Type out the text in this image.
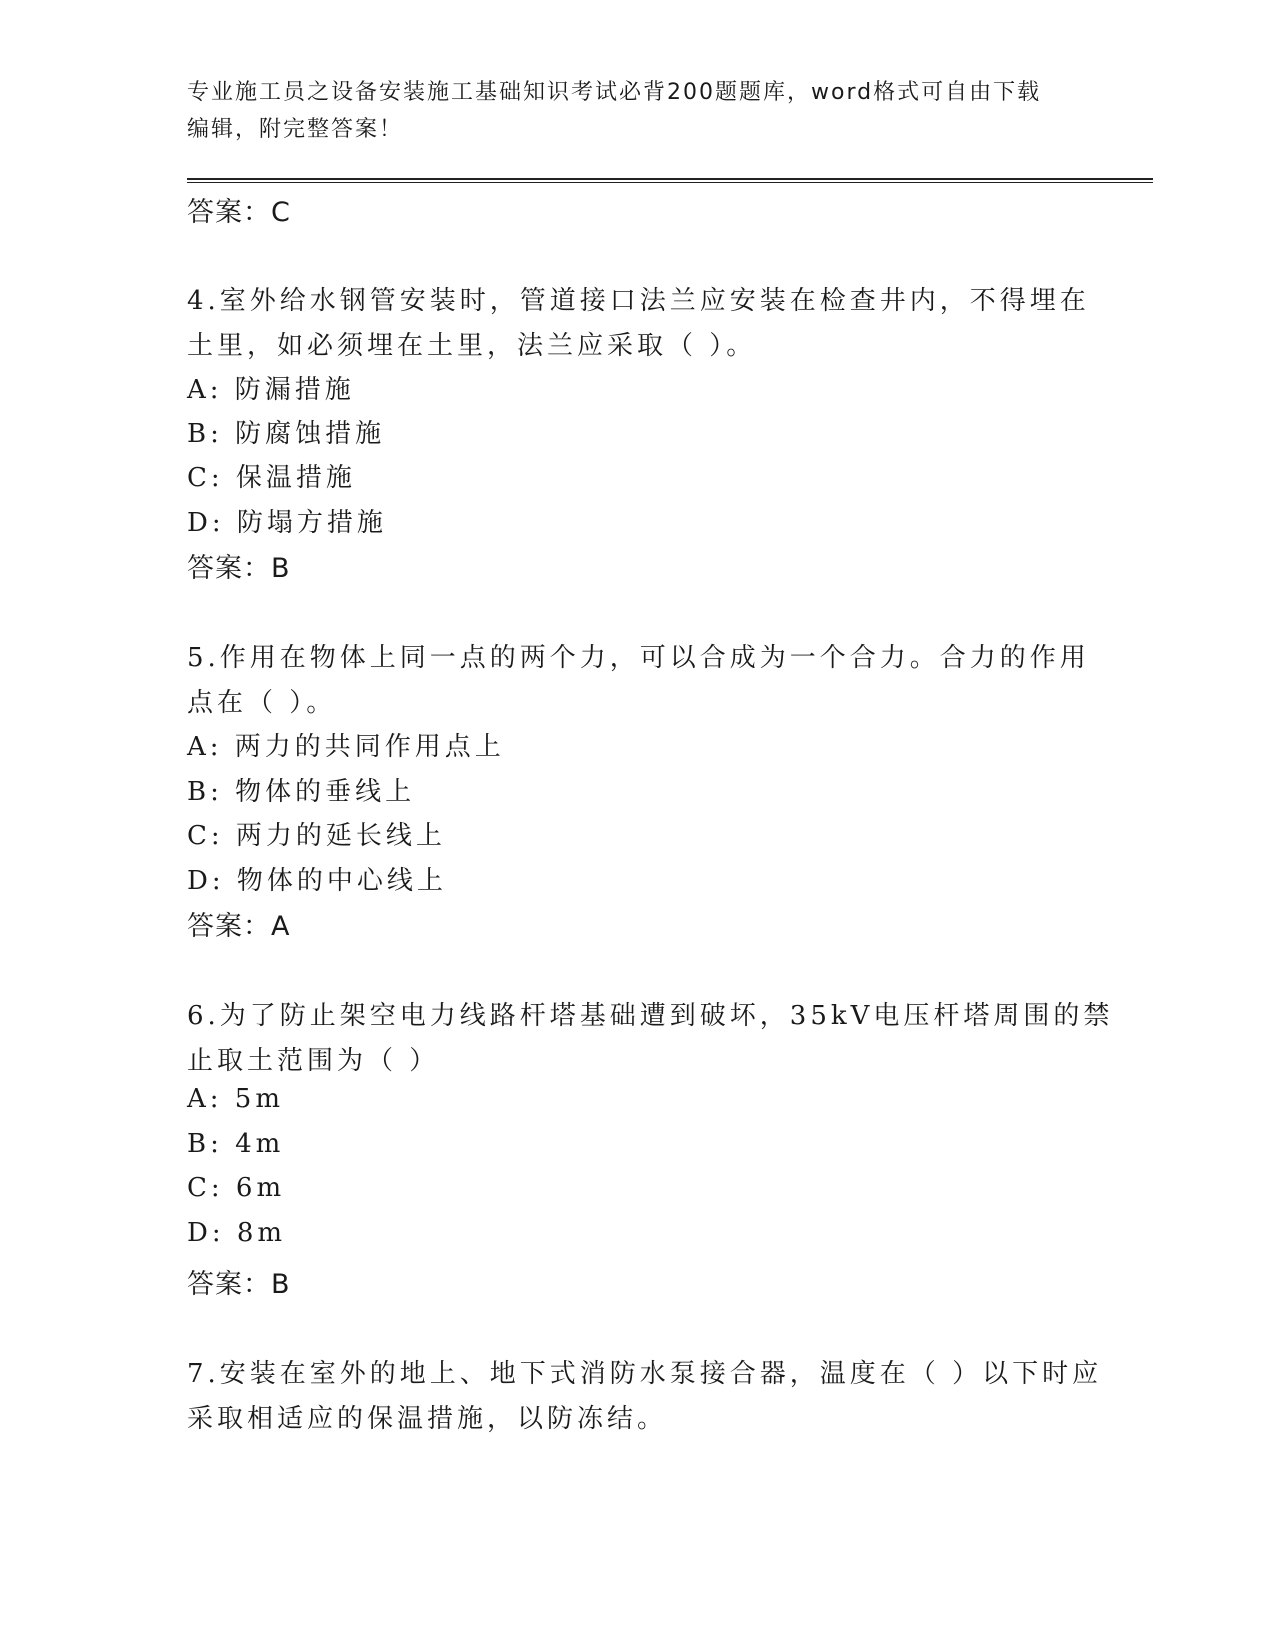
专业施工员之设备安装施工基础知识考试必背200题题库，word格式可自由下载
编辑，附完整答案！
答案：C
4.室外给水钢管安装时，管道接口法兰应安装在检查井内，不得埋在
土里，如必须埋在土里，法兰应采取（ ）。
A: 防漏措施
B: 防腐蚀措施
C: 保温措施
D: 防塌方措施
答案：B
5.作用在物体上同一点的两个力，可以合成为一个合力。合力的作用
点在（ ）。
A: 两力的共同作用点上
B: 物体的垂线上
C: 两力的延长线上
D: 物体的中心线上
答案：A
6.为了防止架空电力线路杆塔基础遭到破坏，35kV电压杆塔周围的禁
止取土范围为（ ）
A: 5m
B: 4m
C: 6m
D: 8m
答案：B
7.安装在室外的地上、地下式消防水泵接合器，温度在（ ）以下时应
采取相适应的保温措施，以防冻结。
